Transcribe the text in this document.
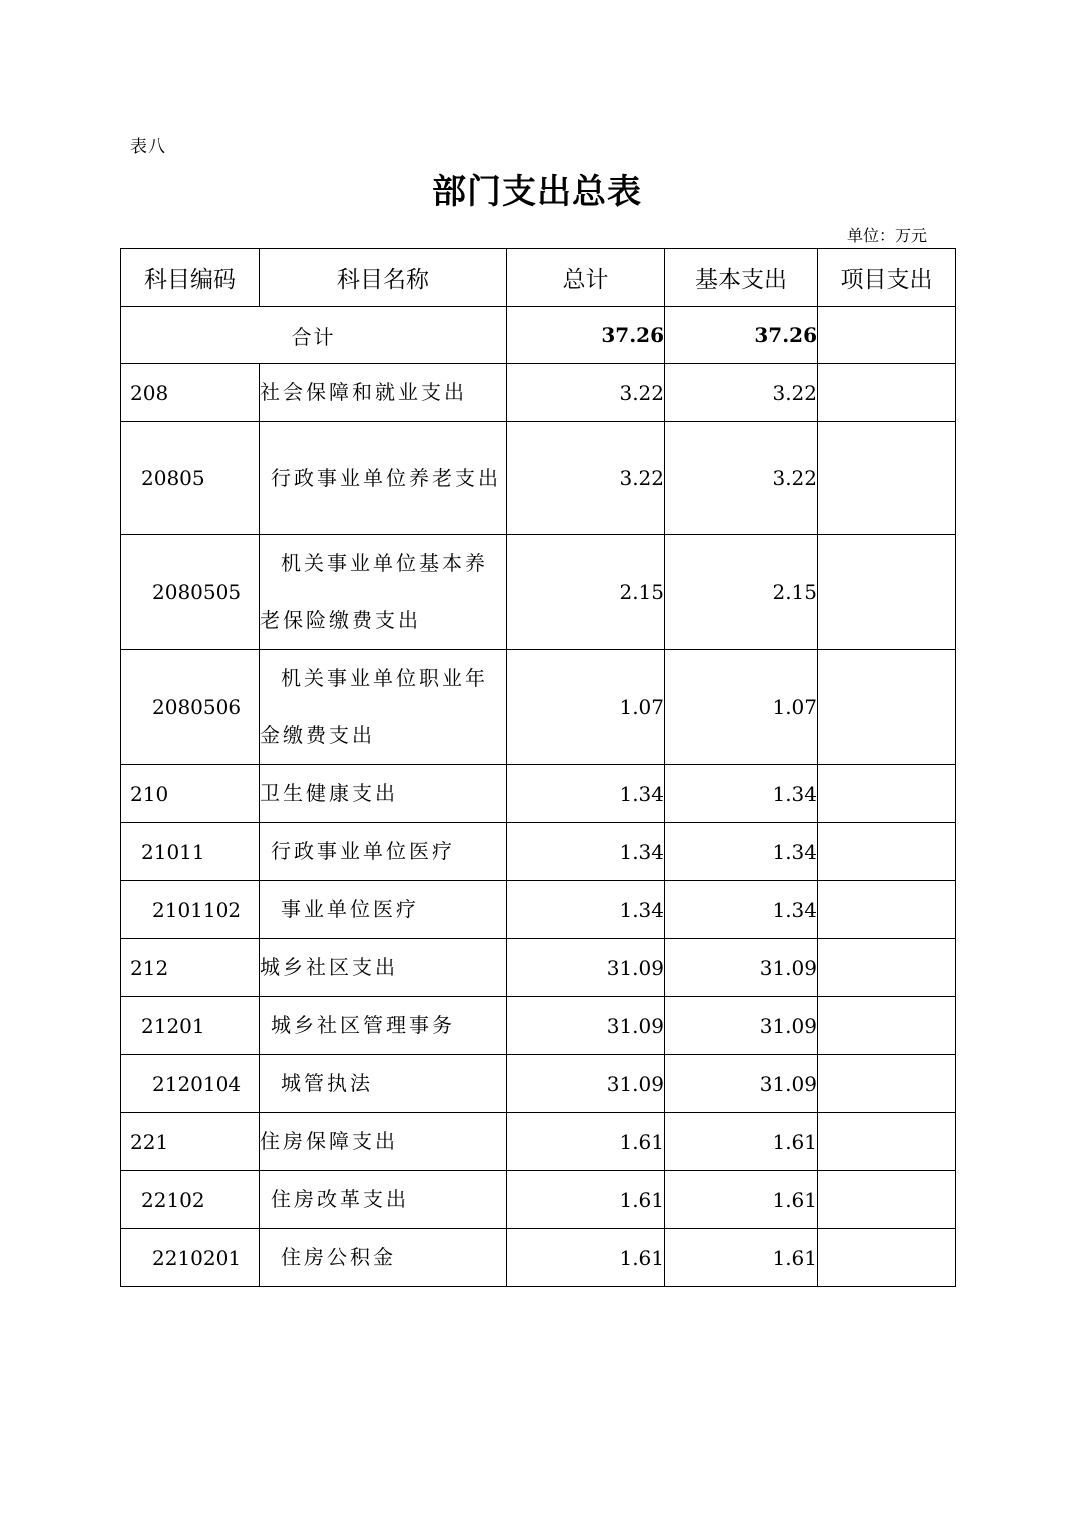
表八
部门支出总表
单位：万元
科目编码	科目名称	总计	基本支出	项目支出
合计		37.26	37.26	
208	社会保障和就业支出	3.22	3.22	
20805	行政事业单位养老支出	3.22	3.22	
2080505	机关事业单位基本养老保险缴费支出	2.15	2.15	
2080506	机关事业单位职业年金缴费支出	1.07	1.07	
210	卫生健康支出	1.34	1.34	
21011	行政事业单位医疗	1.34	1.34	
2101102	事业单位医疗	1.34	1.34	
212	城乡社区支出	31.09	31.09	
21201	城乡社区管理事务	31.09	31.09	
2120104	城管执法	31.09	31.09	
221	住房保障支出	1.61	1.61	
22102	住房改革支出	1.61	1.61	
2210201	住房公积金	1.61	1.61	
